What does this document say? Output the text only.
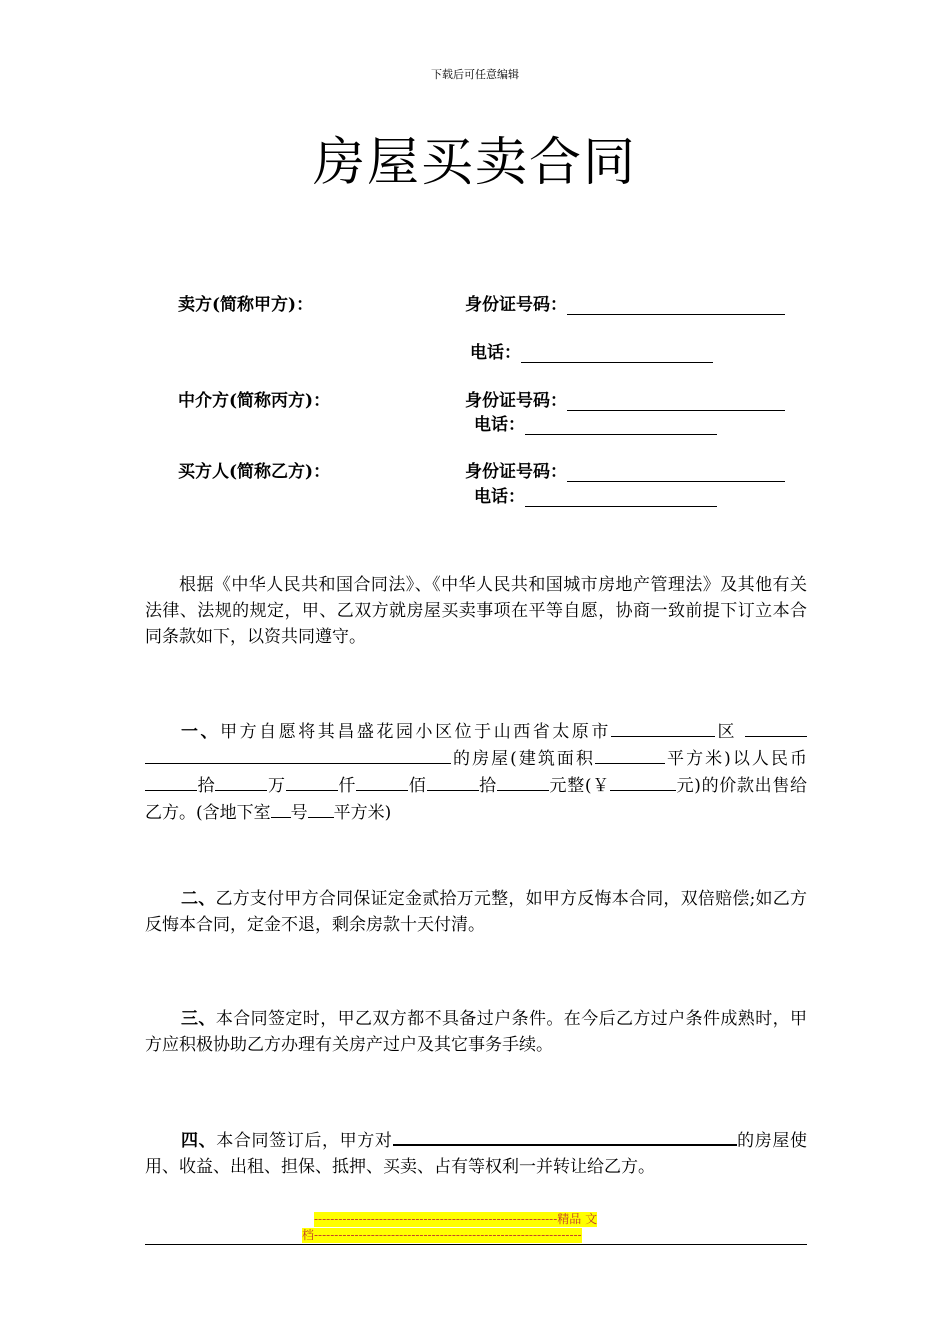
下载后可任意编辑
房屋买卖合同
卖方(简称甲方)：	身份证号码：
电话：
中介方(简称丙方)：	身份证号码：
电话：
买方人(简称乙方)：	身份证号码：
电话：
根据《中华人民共和国合同法》、《中华人民共和国城市房地产管理法》及其他有关法律、法规的规定，甲、乙双方就房屋买卖事项在平等自愿，协商一致前提下订立本合同条款如下，以资共同遵守。
一、甲方自愿将其昌盛花园小区位于山西省太原市	区 的房屋(建筑面积	平方米)以人民币拾	万	仟	佰	拾	元整(￥	元)的价款出售给乙方。(含地下室 号 平方米)
二、乙方支付甲方合同保证定金贰拾万元整，如甲方反悔本合同，双倍赔偿;如乙方反悔本合同，定金不退，剩余房款十天付清。
三、本合同签定时，甲乙双方都不具备过户条件。在今后乙方过户条件成熟时，甲方应积极协助乙方办理有关房产过户及其它事务手续。
四、本合同签订后，甲方对	的房屋使用、收益、出租、担保、抵押、买卖、占有等权利一并转让给乙方。
------------------------------------------------------------精品 文
档------------------------------------------------------------------
